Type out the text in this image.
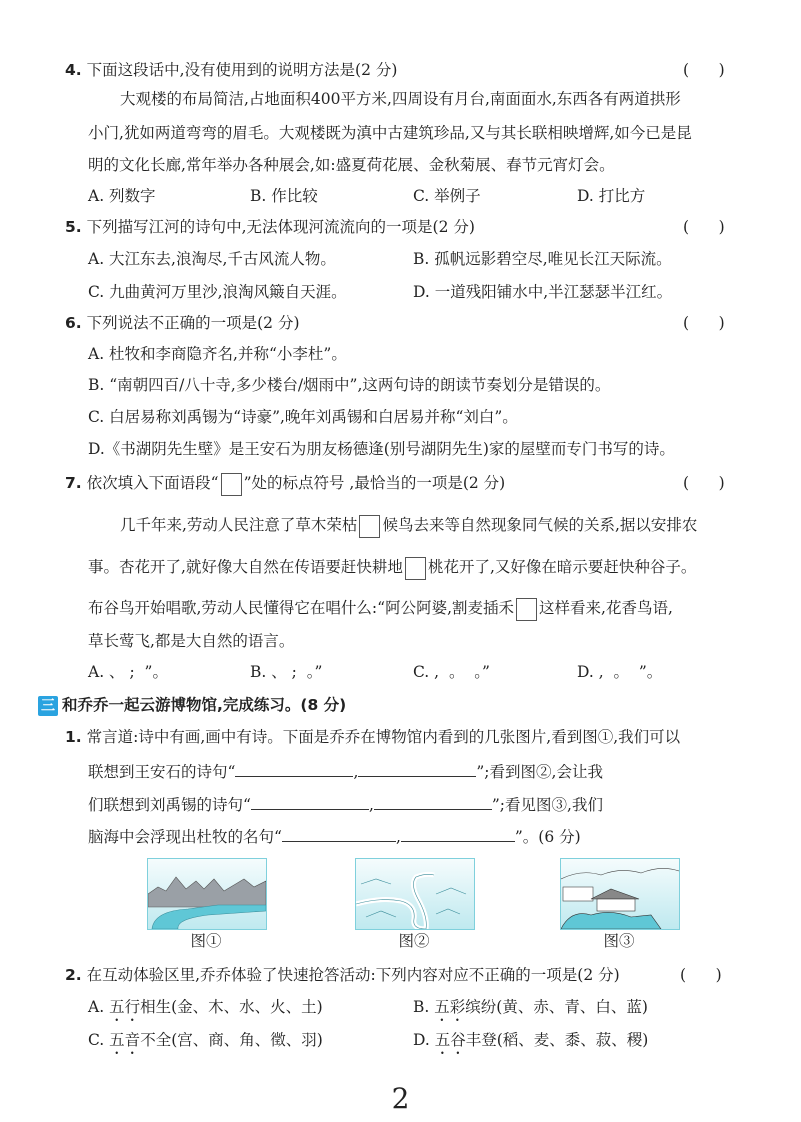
4. 下面这段话中,没有使用到的说明方法是(2 分)	(      )
大观楼的布局简洁,占地面积400平方米,四周设有月台,南面面水,东西各有两道拱形
小门,犹如两道弯弯的眉毛。大观楼既为滇中古建筑珍品,又与其长联相映增辉,如今已是昆
明的文化长廊,常年举办各种展会,如:盛夏荷花展、金秋菊展、春节元宵灯会。
A. 列数字	B. 作比较	C. 举例子	D. 打比方
5. 下列描写江河的诗句中,无法体现河流流向的一项是(2 分)	(      )
A. 大江东去,浪淘尽,千古风流人物。	B. 孤帆远影碧空尽,唯见长江天际流。
C. 九曲黄河万里沙,浪淘风簸自天涯。	D. 一道残阳铺水中,半江瑟瑟半江红。
6. 下列说法不正确的一项是(2 分)	(      )
A. 杜牧和李商隐齐名,并称“小李杜”。
B. “南朝四百/八十寺,多少楼台/烟雨中”,这两句诗的朗读节奏划分是错误的。
C. 白居易称刘禹锡为“诗豪”,晚年刘禹锡和白居易并称“刘白”。
D.《书湖阴先生壁》是王安石为朋友杨德逢(别号湖阴先生)家的屋壁而专门书写的诗。
7. 依次填入下面语段“ ”处的标点符号 ,最恰当的一项是(2 分)	(      )
几千年来,劳动人民注意了草木荣枯 候鸟去来等自然现象同气候的关系,据以安排农
事。杏花开了,就好像大自然在传语要赶快耕地 桃花开了,又好像在暗示要赶快种谷子。
布谷鸟开始唱歌,劳动人民懂得它在唱什么:“阿公阿婆,割麦插禾 这样看来,花香鸟语,
草长莺飞,都是大自然的语言。
A. 、 ;  ”。	B. 、 ;  。”	C. ,  。  。”	D. ,  。  ”。
三 和乔乔一起云游博物馆,完成练习。(8 分)
1. 常言道:诗中有画,画中有诗。下面是乔乔在博物馆内看到的几张图片,看到图①,我们可以
联想到王安石的诗句“	,	”;看到图②,会让我
们联想到刘禹锡的诗句“	,	”;看见图③,我们
脑海中会浮现出杜牧的名句“	,	”。(6 分)
图①	图②	图③
2. 在互动体验区里,乔乔体验了快速抢答活动:下列内容对应不正确的一项是(2 分)	(      )
A. 五行相生(金、木、水、火、土)	B. 五彩缤纷(黄、赤、青、白、蓝)
C. 五音不全(宫、商、角、徵、羽)	D. 五谷丰登(稻、麦、黍、菽、稷)
2
